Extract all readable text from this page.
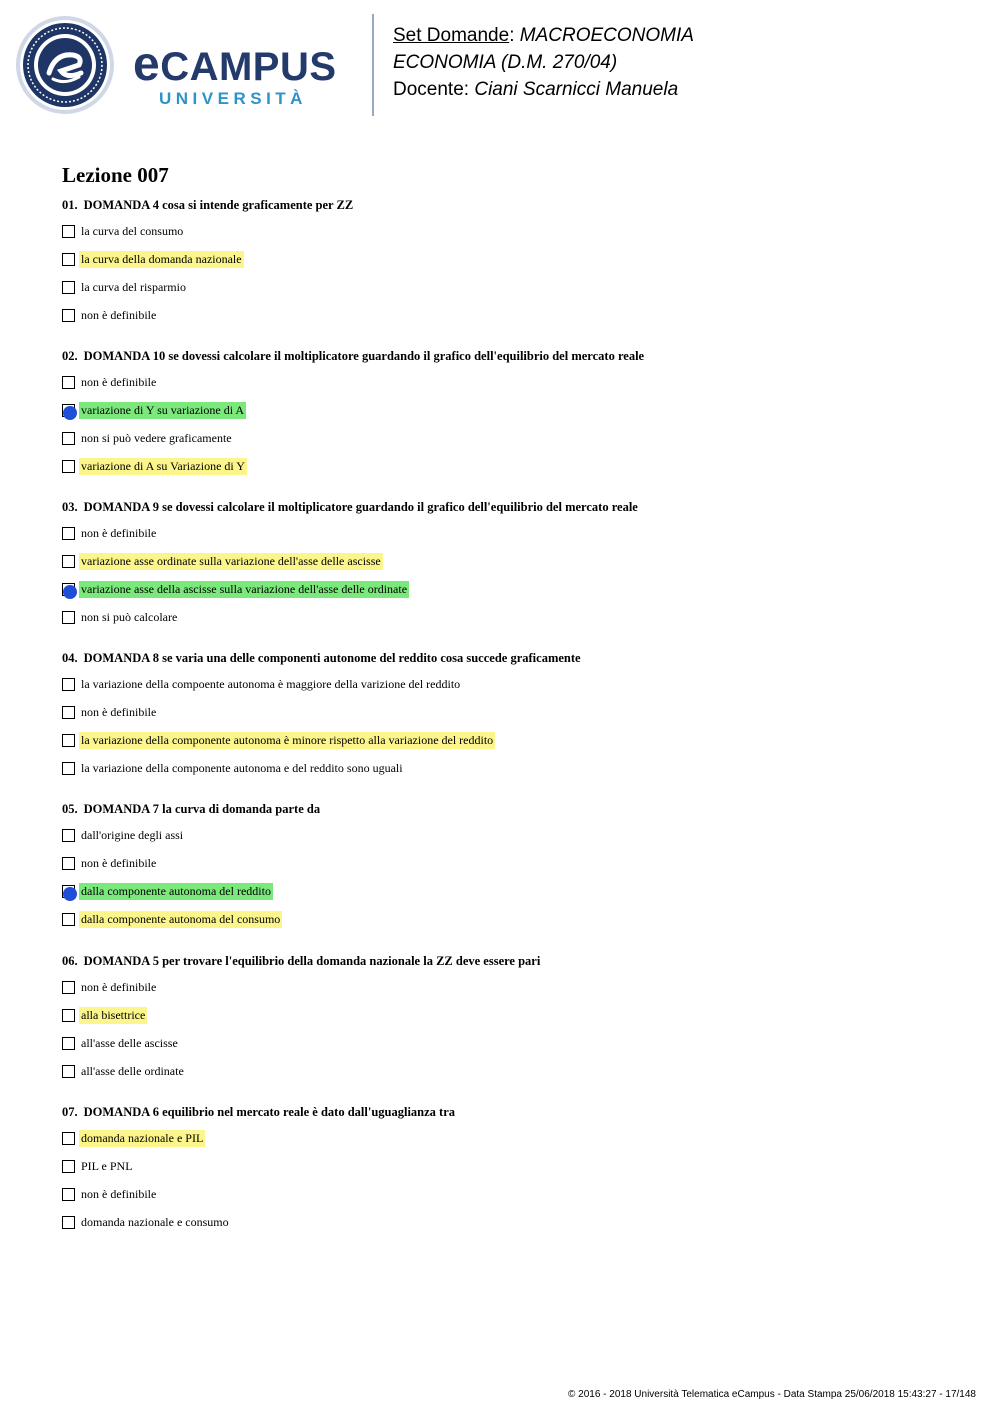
eCAMPUS
UNIVERSITÀ
Set Domande: MACROECONOMIA
ECONOMIA (D.M. 270/04)
Docente: Ciani Scarnicci Manuela
Lezione 007
01. DOMANDA 4 cosa si intende graficamente per ZZ
la curva del consumo
la curva della domanda nazionale
la curva del risparmio
non è definibile
02. DOMANDA 10 se dovessi calcolare il moltiplicatore guardando il grafico dell'equilibrio del mercato reale
non è definibile
variazione di Y su variazione di A
non si può vedere graficamente
variazione di A su Variazione di Y
03. DOMANDA 9 se dovessi calcolare il moltiplicatore guardando il grafico dell'equilibrio del mercato reale
non è definibile
variazione asse ordinate sulla variazione dell'asse delle ascisse
variazione asse della ascisse sulla variazione dell'asse delle ordinate
non si può calcolare
04. DOMANDA 8 se varia una delle componenti autonome del reddito cosa succede graficamente
la variazione della compoente autonoma è maggiore della varizione del reddito
non è definibile
la variazione della componente autonoma è minore rispetto alla variazione del reddito
la variazione della componente autonoma e del reddito sono uguali
05. DOMANDA 7 la curva di domanda parte da
dall'origine degli assi
non è definibile
dalla componente autonoma del reddito
dalla componente autonoma del consumo
06. DOMANDA 5 per trovare l'equilibrio della domanda nazionale la ZZ deve essere pari
non è definibile
alla bisettrice
all'asse delle ascisse
all'asse delle ordinate
07. DOMANDA 6 equilibrio nel mercato reale è dato dall'uguaglianza tra
domanda nazionale e PIL
PIL e PNL
non è definibile
domanda nazionale e consumo
© 2016 - 2018 Università Telematica eCampus - Data Stampa 25/06/2018 15:43:27 - 17/148
